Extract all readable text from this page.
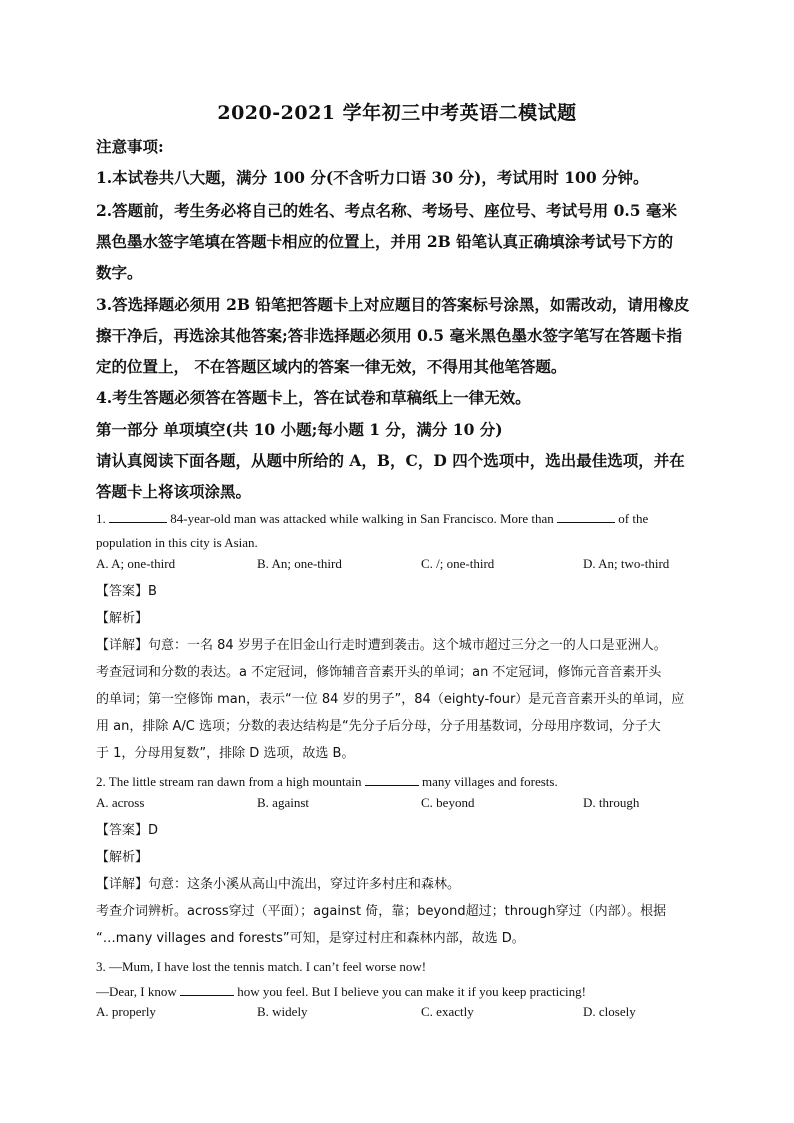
2020-2021 学年初三中考英语二模试题
注意事项:
1.本试卷共八大题，满分 100 分(不含听力口语 30 分)，考试用时 100 分钟。
2.答题前，考生务必将自己的姓名、考点名称、考场号、座位号、考试号用 0.5 毫米
黑色墨水签字笔填在答题卡相应的位置上，并用 2B 铅笔认真正确填涂考试号下方的
数字。
3.答选择题必须用 2B 铅笔把答题卡上对应题目的答案标号涂黑，如需改动，请用橡皮
擦干净后，再选涂其他答案;答非选择题必须用 0.5 毫米黑色墨水签字笔写在答题卡指
定的位置上， 不在答题区域内的答案一律无效，不得用其他笔答题。
4.考生答题必须答在答题卡上，答在试卷和草稿纸上一律无效。
第一部分 单项填空(共 10 小题;每小题 1 分，满分 10 分)
请认真阅读下面各题，从题中所给的 A，B，C，D 四个选项中，选出最佳选项，并在
答题卡上将该项涂黑。
1.	84-year-old man was attacked while walking in San Francisco. More than	of the
population in this city is Asian.
A. A; one-third	B. An; one-third	C. /; one-third	D. An; two-third
【答案】B
【解析】
【详解】句意：一名 84 岁男子在旧金山行走时遭到袭击。这个城市超过三分之一的人口是亚洲人。
考查冠词和分数的表达。a 不定冠词，修饰辅音音素开头的单词；an 不定冠词，修饰元音音素开头
的单词；第一空修饰 man，表示“一位 84 岁的男子”，84（eighty-four）是元音音素开头的单词，应
用 an，排除 A/C 选项；分数的表达结构是“先分子后分母，分子用基数词，分母用序数词，分子大
于 1，分母用复数”，排除 D 选项，故选 B。
2. The little stream ran dawn from a high mountain	many villages and forests.
A. across	B. against	C. beyond	D. through
【答案】D
【解析】
【详解】句意：这条小溪从高山中流出，穿过许多村庄和森林。
考查介词辨析。across穿过（平面）；against 倚，靠；beyond超过；through穿过（内部）。根据
“…many villages and forests”可知，是穿过村庄和森林内部，故选 D。
3. —Mum, I have lost the tennis match. I can’t feel worse now!
—Dear, I know	how you feel. But I believe you can make it if you keep practicing!
A. properly	B. widely	C. exactly	D. closely
